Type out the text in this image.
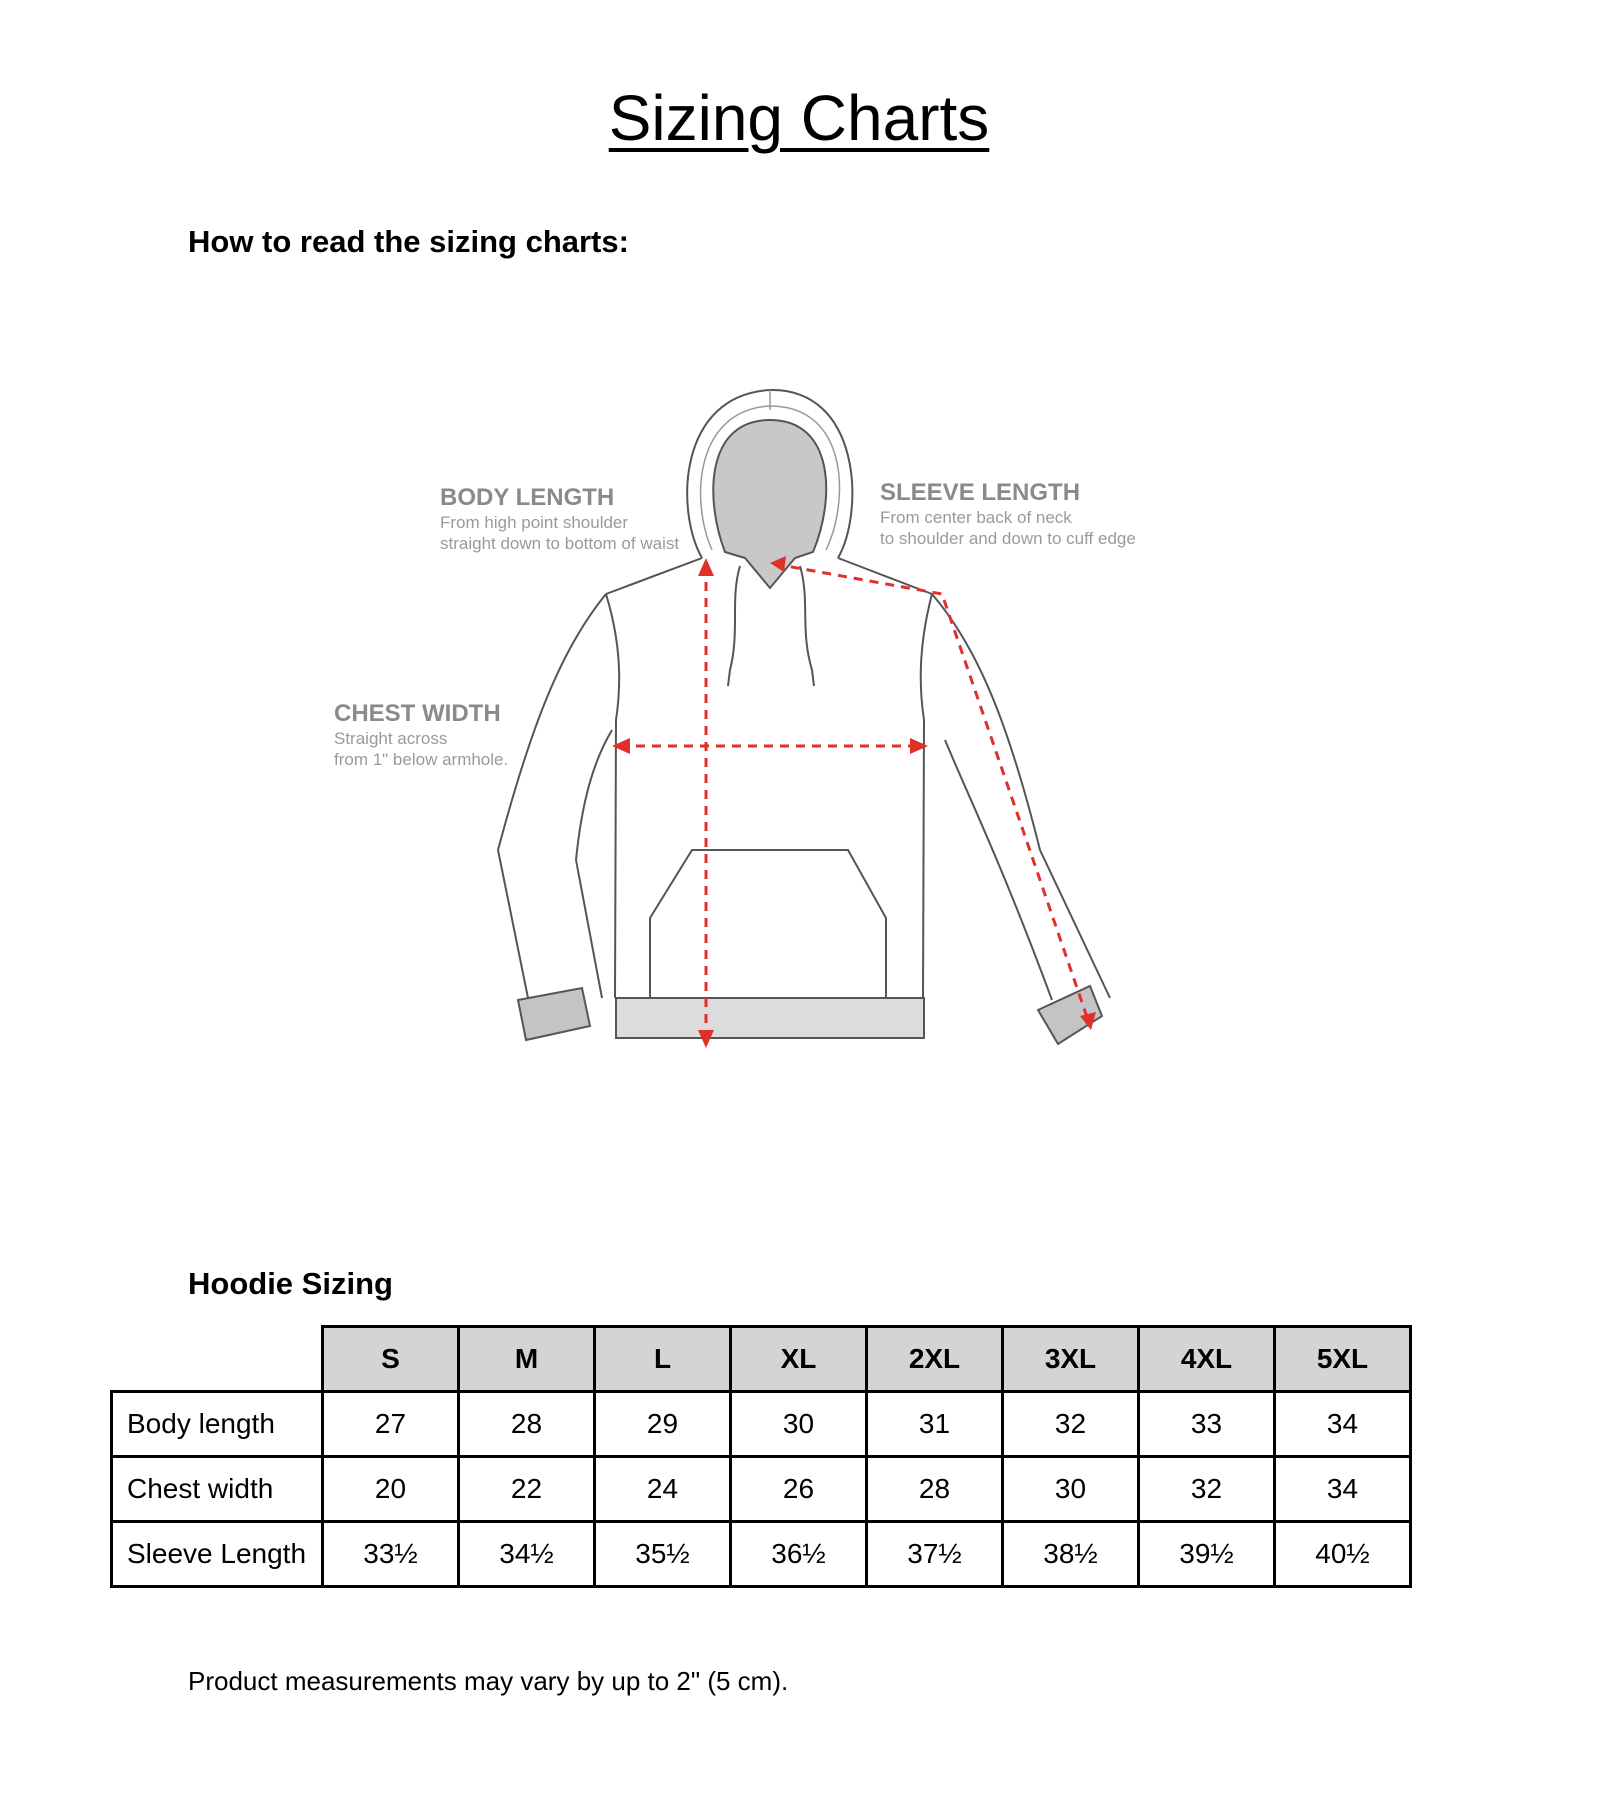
Sizing Charts
How to read the sizing charts:
BODY LENGTH
From high point shoulder
straight down to bottom of waist
SLEEVE LENGTH
From center back of neck
to shoulder and down to cuff edge
CHEST WIDTH
Straight across
from 1" below armhole.
Hoodie Sizing
	S	M	L	XL	2XL	3XL	4XL	5XL
Body length	27	28	29	30	31	32	33	34
Chest width	20	22	24	26	28	30	32	34
Sleeve Length	33½	34½	35½	36½	37½	38½	39½	40½
Product measurements may vary by up to 2" (5 cm).
